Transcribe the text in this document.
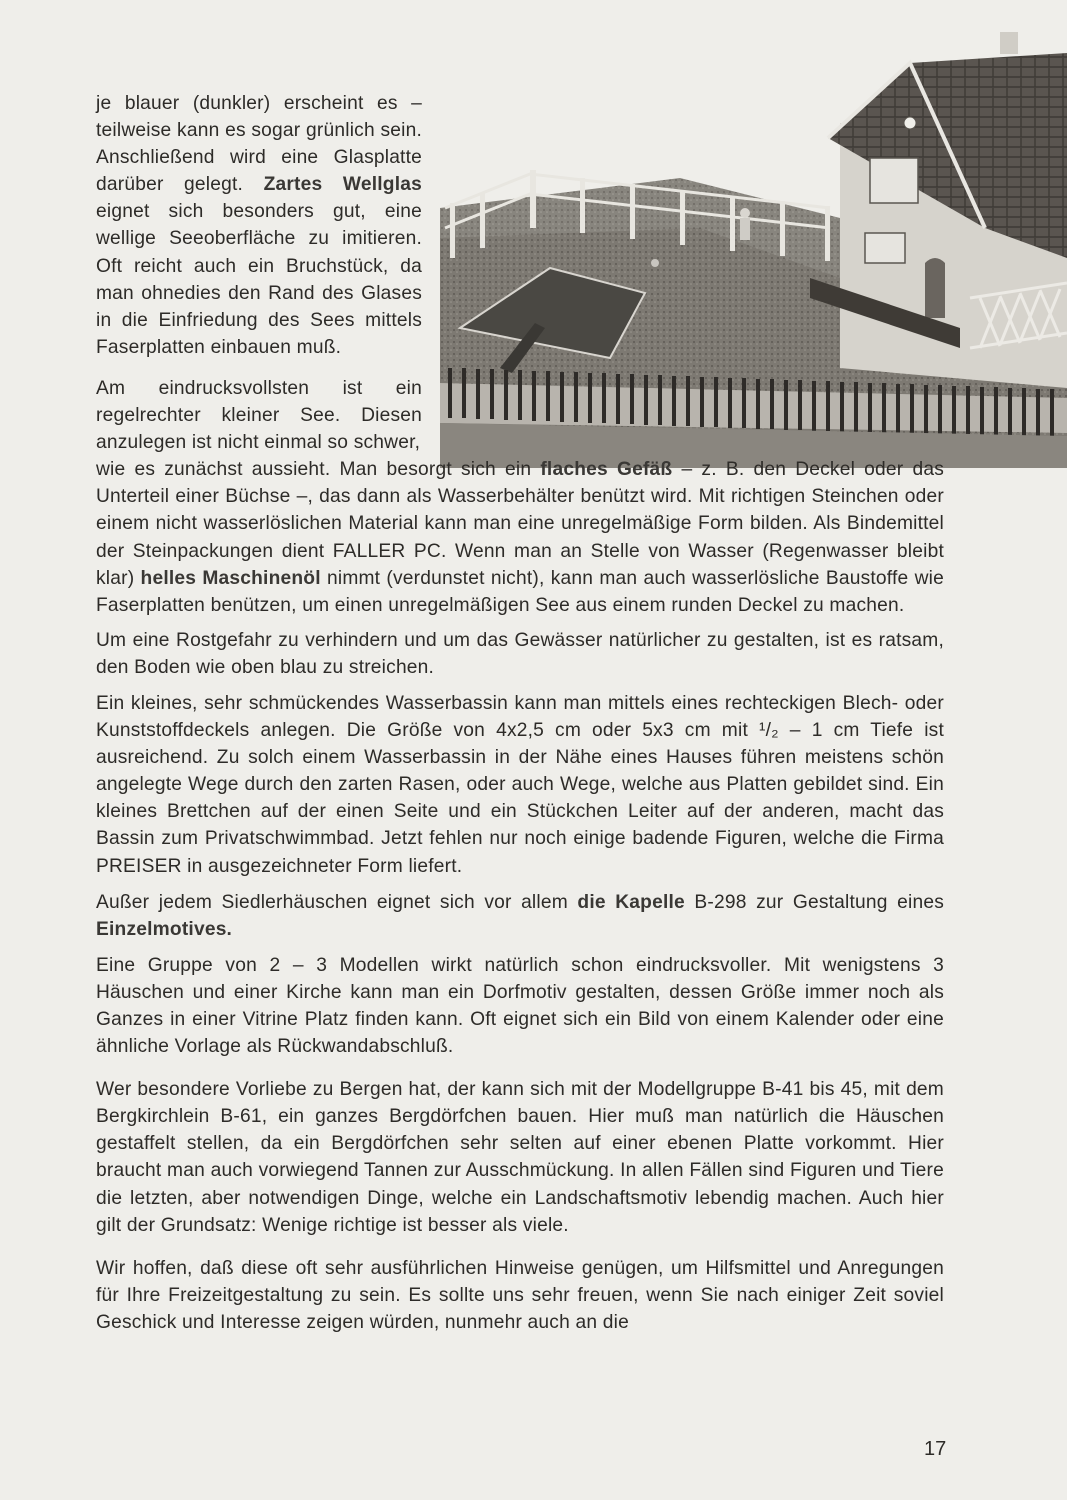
je blauer (dunkler) erscheint es – teilweise kann es sogar grünlich sein. Anschließend wird eine Glasplatte darüber gelegt. Zartes Wellglas eignet sich besonders gut, eine wellige Seeoberfläche zu imitieren. Oft reicht auch ein Bruchstück, da man ohnedies den Rand des Glases in die Einfriedung des Sees mittels Faserplatten einbauen muß.

Am eindrucksvollsten ist ein regelrechter kleiner See. Diesen anzulegen ist nicht einmal so schwer,

wie es zunächst aussieht. Man besorgt sich ein flaches Gefäß – z. B. den Deckel oder das Unterteil einer Büchse –, das dann als Wasserbehälter benützt wird. Mit richtigen Steinchen oder einem nicht wasserlöslichen Material kann man eine unregelmäßige Form bilden. Als Bindemittel der Steinpackungen dient FALLER PC. Wenn man an Stelle von Wasser (Regenwasser bleibt klar) helles Maschinenöl nimmt (verdunstet nicht), kann man auch wasserlösliche Baustoffe wie Faserplatten benützen, um einen unregelmäßigen See aus einem runden Deckel zu machen.

Um eine Rostgefahr zu verhindern und um das Gewässer natürlicher zu gestalten, ist es ratsam, den Boden wie oben blau zu streichen.

Ein kleines, sehr schmückendes Wasserbassin kann man mittels eines rechteckigen Blech- oder Kunststoffdeckels anlegen. Die Größe von 4x2,5 cm oder 5x3 cm mit ¹/₂ – 1 cm Tiefe ist ausreichend. Zu solch einem Wasserbassin in der Nähe eines Hauses führen meistens schön angelegte Wege durch den zarten Rasen, oder auch Wege, welche aus Platten gebildet sind. Ein kleines Brettchen auf der einen Seite und ein Stückchen Leiter auf der anderen, macht das Bassin zum Privatschwimmbad. Jetzt fehlen nur noch einige badende Figuren, welche die Firma PREISER in ausgezeichneter Form liefert.

Außer jedem Siedlerhäuschen eignet sich vor allem die Kapelle B-298 zur Gestaltung eines Einzelmotives.

Eine Gruppe von 2 – 3 Modellen wirkt natürlich schon eindrucksvoller. Mit wenigstens 3 Häuschen und einer Kirche kann man ein Dorfmotiv gestalten, dessen Größe immer noch als Ganzes in einer Vitrine Platz finden kann. Oft eignet sich ein Bild von einem Kalender oder eine ähnliche Vorlage als Rückwandabschluß.

Wer besondere Vorliebe zu Bergen hat, der kann sich mit der Modellgruppe B-41 bis 45, mit dem Bergkirchlein B-61, ein ganzes Bergdörfchen bauen. Hier muß man natürlich die Häuschen gestaffelt stellen, da ein Bergdörfchen sehr selten auf einer ebenen Platte vorkommt. Hier braucht man auch vorwiegend Tannen zur Ausschmückung. In allen Fällen sind Figuren und Tiere die letzten, aber notwendigen Dinge, welche ein Landschaftsmotiv lebendig machen. Auch hier gilt der Grundsatz: Wenige richtige ist besser als viele.

Wir hoffen, daß diese oft sehr ausführlichen Hinweise genügen, um Hilfsmittel und Anregungen für Ihre Freizeitgestaltung zu sein. Es sollte uns sehr freuen, wenn Sie nach einiger Zeit soviel Geschick und Interesse zeigen würden, nunmehr auch an die

17
